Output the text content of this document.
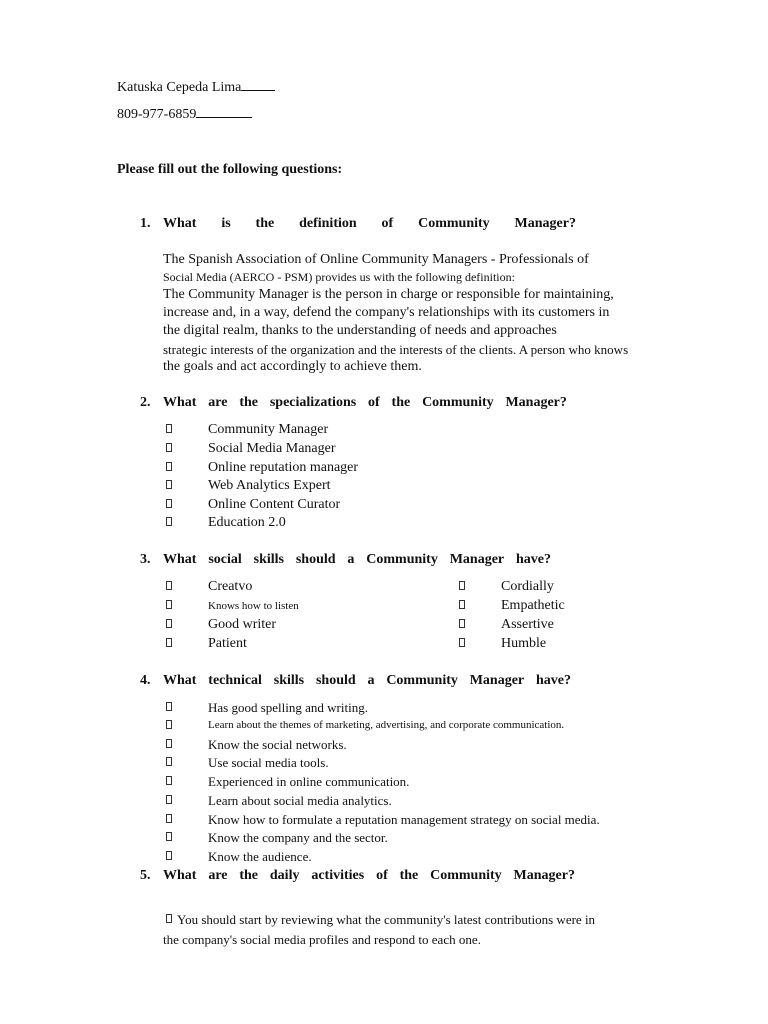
Katuska Cepeda Lima
809-977-6859
Please fill out the following questions:
1. What is the definition of Community Manager?
The Spanish Association of Online Community Managers - Professionals of
Social Media (AERCO - PSM) provides us with the following definition:
The Community Manager is the person in charge or responsible for maintaining,
increase and, in a way, defend the company's relationships with its customers in
the digital realm, thanks to the understanding of needs and approaches
strategic interests of the organization and the interests of the clients. A person who knows
the goals and act accordingly to achieve them.
2. What are the specializations of the Community Manager?
Community Manager
Social Media Manager
Online reputation manager
Web Analytics Expert
Online Content Curator
Education 2.0
3. What social skills should a Community Manager have?
Creatvo
Knows how to listen
Good writer
Patient
Cordially
Empathetic
Assertive
Humble
4. What technical skills should a Community Manager have?
Has good spelling and writing.
Learn about the themes of marketing, advertising, and corporate communication.
Know the social networks.
Use social media tools.
Experienced in online communication.
Learn about social media analytics.
Know how to formulate a reputation management strategy on social media.
Know the company and the sector.
Know the audience.
5. What are the daily activities of the Community Manager?
You should start by reviewing what the community's latest contributions were in
the company's social media profiles and respond to each one.
